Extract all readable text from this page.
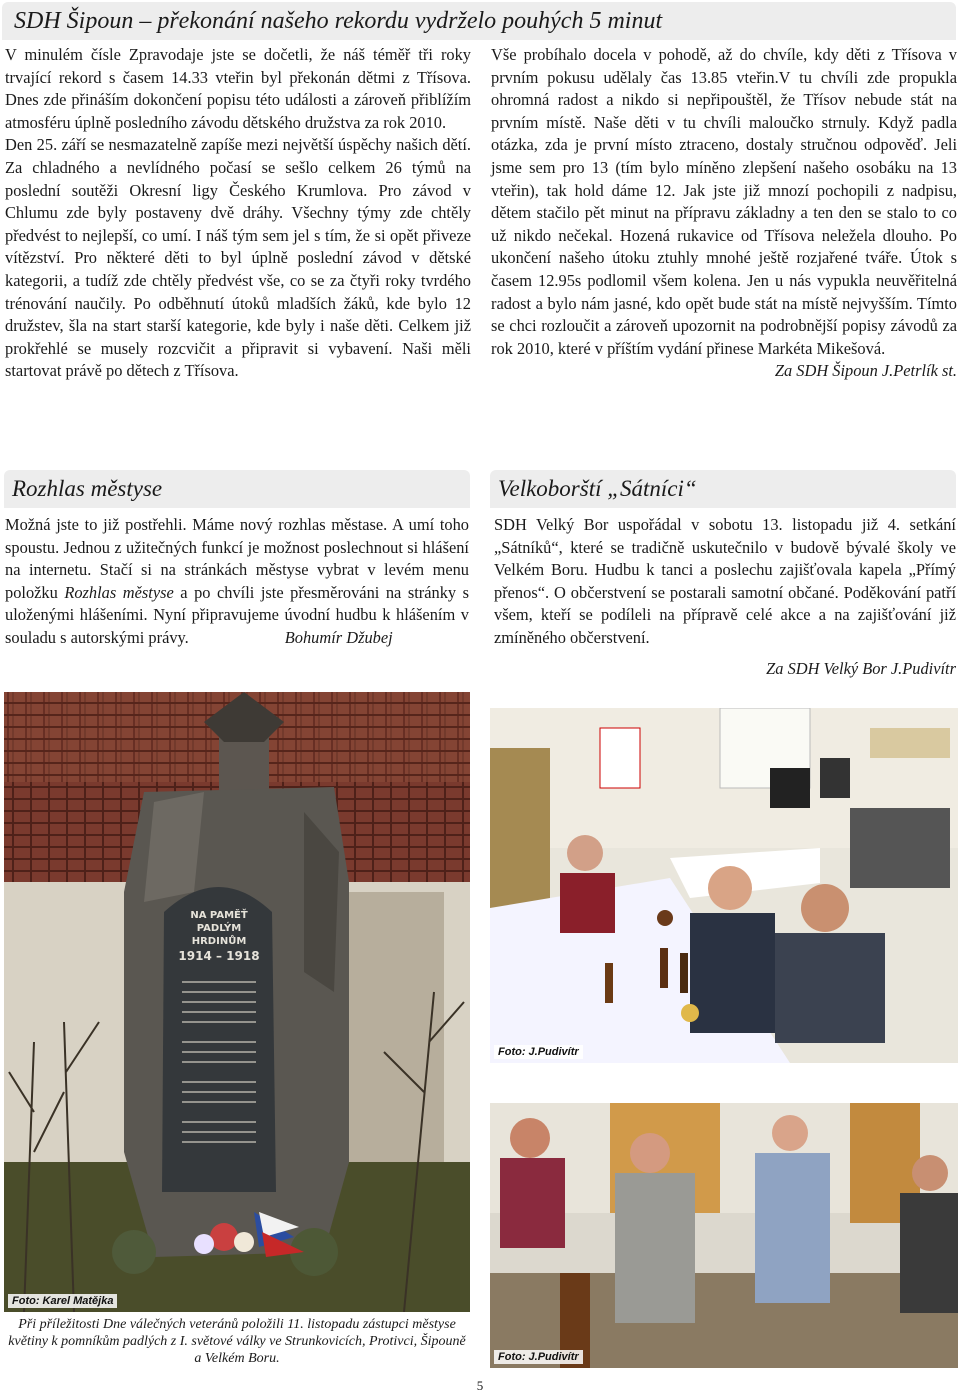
SDH Šipoun – překonání našeho rekordu vydrželo pouhých 5 minut

V minulém čísle Zpravodaje jste se dočetli, že náš téměř tři roky trvající rekord s časem 14.33 vteřin byl překonán dětmi z Třísova. Dnes zde přináším dokončení popisu této události a zároveň přiblížím atmosféru úplně posledního závodu dětského družstva za rok 2010.

Den 25. září se nesmazatelně zapíše mezi největší úspěchy našich dětí. Za chladného a nevlídného počasí se sešlo celkem 26 týmů na poslední soutěži Okresní ligy Českého Krumlova. Pro závod v Chlumu zde byly postaveny dvě dráhy. Všechny týmy zde chtěly předvést to nejlepší, co umí. I náš tým sem jel s tím, že si opět přiveze vítězství. Pro některé děti to byl úplně poslední závod v dětské kategorii, a tudíž zde chtěly předvést vše, co se za čtyři roky tvrdého trénování naučily. Po odběhnutí útoků mladších žáků, kde bylo 12 družstev, šla na start starší kategorie, kde byly i naše děti. Celkem již prokřehlé se musely rozcvičit a připravit si vybavení. Naši měli startovat právě po dětech z Třísova.

Vše probíhalo docela v pohodě, až do chvíle, kdy děti z Třísova v prvním pokusu udělaly čas 13.85 vteřin.V tu chvíli zde propukla ohromná radost a nikdo si nepřipouštěl, že Třísov nebude stát na prvním místě. Naše děti v tu chvíli maloučko strnuly. Když padla otázka, zda je první místo ztraceno, dostaly stručnou odpověď. Jeli jsme sem pro 13 (tím bylo míněno zlepšení našeho osobáku na 13 vteřin), tak hold dáme 12. Jak jste již mnozí pochopili z nadpisu, dětem stačilo pět minut na přípravu základny a ten den se stalo to co už nikdo nečekal. Hozená rukavice od Třísova neležela dlouho. Po ukončení našeho útoku ztuhly mnohé ještě rozjařené tváře. Útok s časem 12.95s podlomil všem kolena. Jen u nás vypukla neuvěřitelná radost a bylo nám jasné, kdo opět bude stát na místě nejvyšším. Tímto se chci rozloučit a zároveň upozornit na podrobnější popisy závodů za rok 2010, které v příštím vydání přinese Markéta Mikešová.

Za SDH Šipoun J.Petrlík st.

Rozhlas městyse

Možná jste to již postřehli. Máme nový rozhlas městase. A umí toho spoustu. Jednou z užitečných funkcí je možnost poslechnout si hlášení na internetu. Stačí si na stránkách městyse vybrat v levém menu položku Rozhlas městyse a po chvíli jste přesměrováni na stránky s uloženými hlášeními. Nyní připravujeme úvodní hudbu k hlášením v souladu s autorskými právy.	Bohumír Džubej

Velkoborští „Sátníci“

SDH Velký Bor uspořádal v sobotu 13. listopadu již 4. setkání „Sátníků“, které se tradičně uskutečnilo v budově bývalé školy ve Velkém Boru. Hudbu k tanci a poslechu zajišťovala kapela „Přímý přenos“. O občerstvení se postarali samotní občané. Poděkování patří všem, kteří se podíleli na přípravě celé akce a na zajišťování již zmíněného občerstvení.

Za SDH Velký Bor J.Pudivítr

NA PAMĚŤ
PADLÝM
HRDINŮM
1914 – 1918
Foto: Karel Matějka
Foto: J.Pudivítr
Foto: J.Pudivítr
Při příležitosti Dne válečných veteránů položili 11. listopadu zástupci městyse květiny k pomníkům padlých z I. světové války ve Strunkovicích, Protivci, Šipouně a Velkém Boru.
5
